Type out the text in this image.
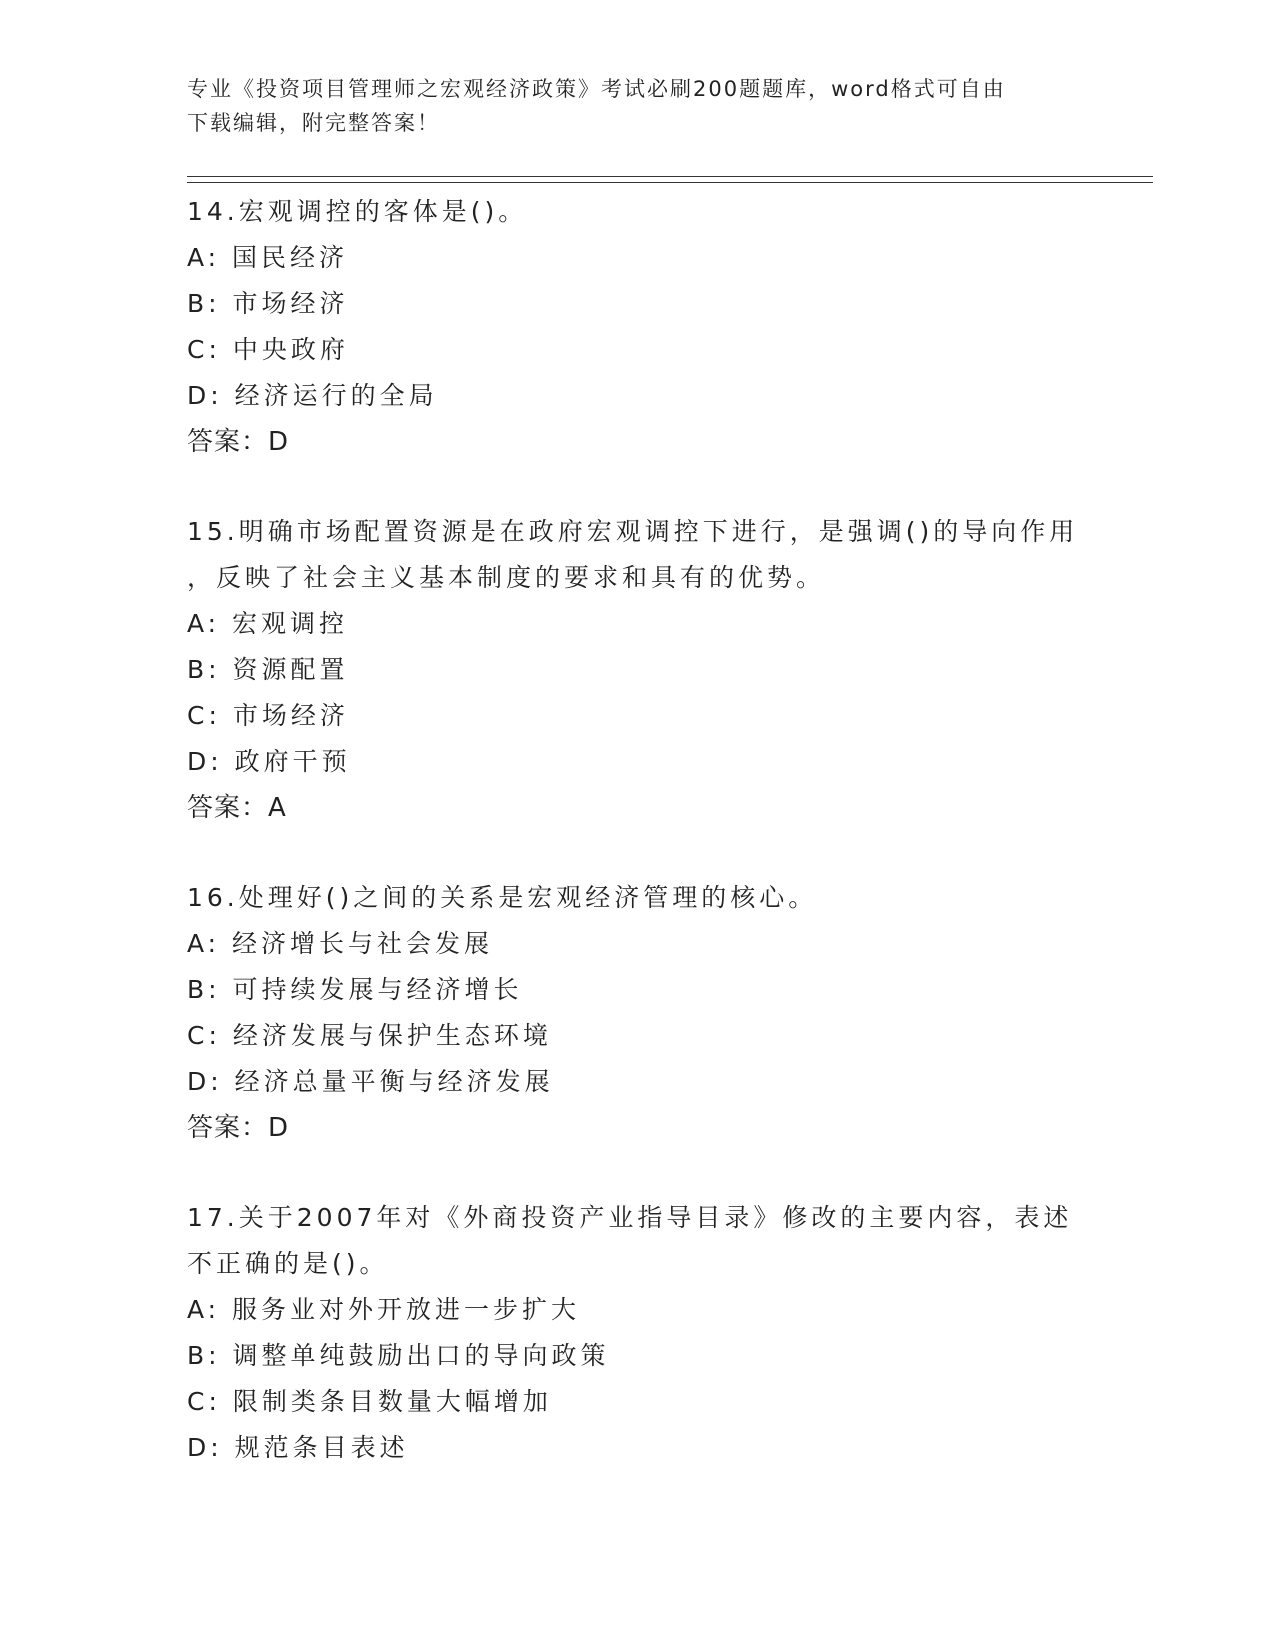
专业《投资项目管理师之宏观经济政策》考试必刷200题题库，word格式可自由
下载编辑，附完整答案！
14.宏观调控的客体是()。
A: 国民经济
B: 市场经济
C: 中央政府
D: 经济运行的全局
答案：D
15.明确市场配置资源是在政府宏观调控下进行，是强调()的导向作用
，反映了社会主义基本制度的要求和具有的优势。
A: 宏观调控
B: 资源配置
C: 市场经济
D: 政府干预
答案：A
16.处理好()之间的关系是宏观经济管理的核心。
A: 经济增长与社会发展
B: 可持续发展与经济增长
C: 经济发展与保护生态环境
D: 经济总量平衡与经济发展
答案：D
17.关于2007年对《外商投资产业指导目录》修改的主要内容，表述
不正确的是()。
A: 服务业对外开放进一步扩大
B: 调整单纯鼓励出口的导向政策
C: 限制类条目数量大幅增加
D: 规范条目表述
